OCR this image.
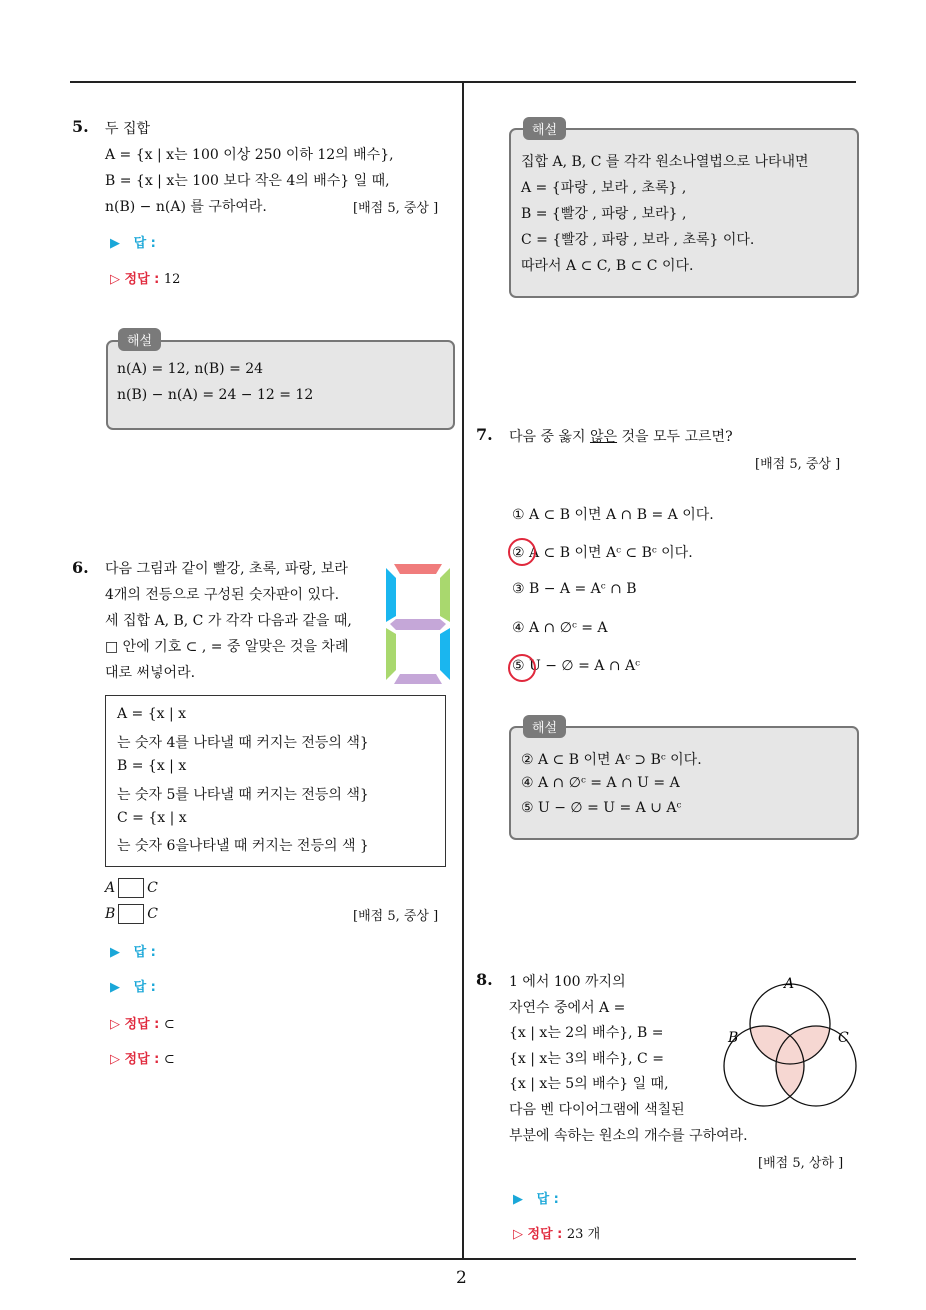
2
5. 두 집합
A = {x | x는 100 이상 250 이하 12의 배수},
B = {x | x는 100 보다 작은 4의 배수} 일 때,
n(B) − n(A) 를 구하여라.	[배점 5, 중상 ]
▶ 답 :
▷ 정답 : 12
해설
n(A) = 12, n(B) = 24
n(B) − n(A) = 24 − 12 = 12
6. 다음 그림과 같이 빨강, 초록, 파랑, 보라
4개의 전등으로 구성된 숫자판이 있다.
세 집합 A, B, C 가 각각 다음과 같을 때,
□ 안에 기호 ⊂ , = 중 알맞은 것을 차례
대로 써넣어라.
A = {x | x
는 숫자 4를 나타낼 때 커지는 전등의 색}
B = {x | x
는 숫자 5를 나타낼 때 커지는 전등의 색}
C = {x | x
는 숫자 6을나타낼 때 커지는 전등의 색 }
A C
B C	[배점 5, 중상 ]
▶ 답 :
▶ 답 :
▷ 정답 : ⊂
▷ 정답 : ⊂
해설
집합 A, B, C 를 각각 원소나열법으로 나타내면
A = {파랑 , 보라 , 초록} ,
B = {빨강 , 파랑 , 보라} ,
C = {빨강 , 파랑 , 보라 , 초록} 이다.
따라서 A ⊂ C, B ⊂ C 이다.
7. 다음 중 옳지 않은 것을 모두 고르면?
[배점 5, 중상 ]
① A ⊂ B 이면 A ∩ B = A 이다.
② A ⊂ B 이면 Aᶜ ⊂ Bᶜ 이다.
③ B − A = Aᶜ ∩ B
④ A ∩ ∅ᶜ = A
⑤ U − ∅ = A ∩ Aᶜ
해설
② A ⊂ B 이면 Aᶜ ⊃ Bᶜ 이다.
④ A ∩ ∅ᶜ = A ∩ U = A
⑤ U − ∅ = U = A ∪ Aᶜ
8. 1 에서 100 까지의
자연수 중에서 A =
{x | x는 2의 배수}, B =
{x | x는 3의 배수}, C =
{x | x는 5의 배수} 일 때,
다음 벤 다이어그램에 색칠된
부분에 속하는 원소의 개수를 구하여라.
A
B	C
[배점 5, 상하 ]
▶ 답 :
▷ 정답 : 23 개
